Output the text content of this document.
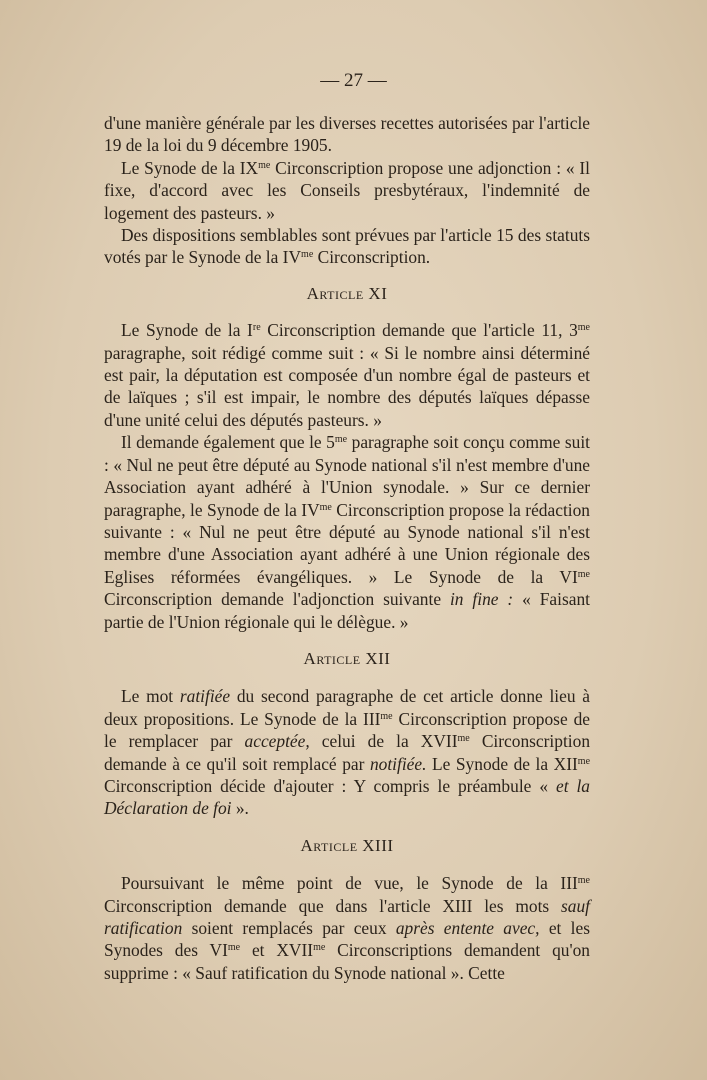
— 27 —

d'une manière générale par les diverses recettes autorisées par l'article 19 de la loi du 9 décembre 1905.

Le Synode de la $IX^{me}$ Circonscription propose une adjonction : « Il fixe, d'accord avec les Conseils presbytéraux, l'indemnité de logement des pasteurs. »

Des dispositions semblables sont prévues par l'article 15 des statuts votés par le Synode de la $IV^{me}$ Circonscription.

Article XI

Le Synode de la Ire Circonscription demande que l'article 11, $3^{me}$ paragraphe, soit rédigé comme suit : « Si le nombre ainsi déterminé est pair, la députation est composée d'un nombre égal de pasteurs et de laïques ; s'il est impair, le nombre des députés laïques dépasse d'une unité celui des députés pasteurs. »

Il demande également que le $5^{me}$ paragraphe soit conçu comme suit : « Nul ne peut être député au Synode national s'il n'est membre d'une Association ayant adhéré à l'Union synodale. » Sur ce dernier paragraphe, le Synode de la $IV^{me}$ Circonscription propose la rédaction suivante : « Nul ne peut être député au Synode national s'il n'est membre d'une Association ayant adhéré à une Union régionale des Eglises réformées évangéliques. » Le Synode de la $VI^{me}$ Circonscription demande l'adjonction suivante in fine : « Faisant partie de l'Union régionale qui le délègue. »

Article XII

Le mot ratifiée du second paragraphe de cet article donne lieu à deux propositions. Le Synode de la $III^{me}$ Circonscription propose de le remplacer par acceptée, celui de la $XVII^{me}$ Circonscription demande à ce qu'il soit remplacé par notifiée. Le Synode de la $XII^{me}$ Circonscription décide d'ajouter : Y compris le préambule « et la Déclaration de foi ».

Article XIII

Poursuivant le même point de vue, le Synode de la $III^{me}$ Circonscription demande que dans l'article XIII les mots sauf ratification soient remplacés par ceux après entente avec, et les Synodes des $VI^{me}$ et $XVII^{me}$ Circonscriptions demandent qu'on supprime : « Sauf ratification du Synode national ». Cette
